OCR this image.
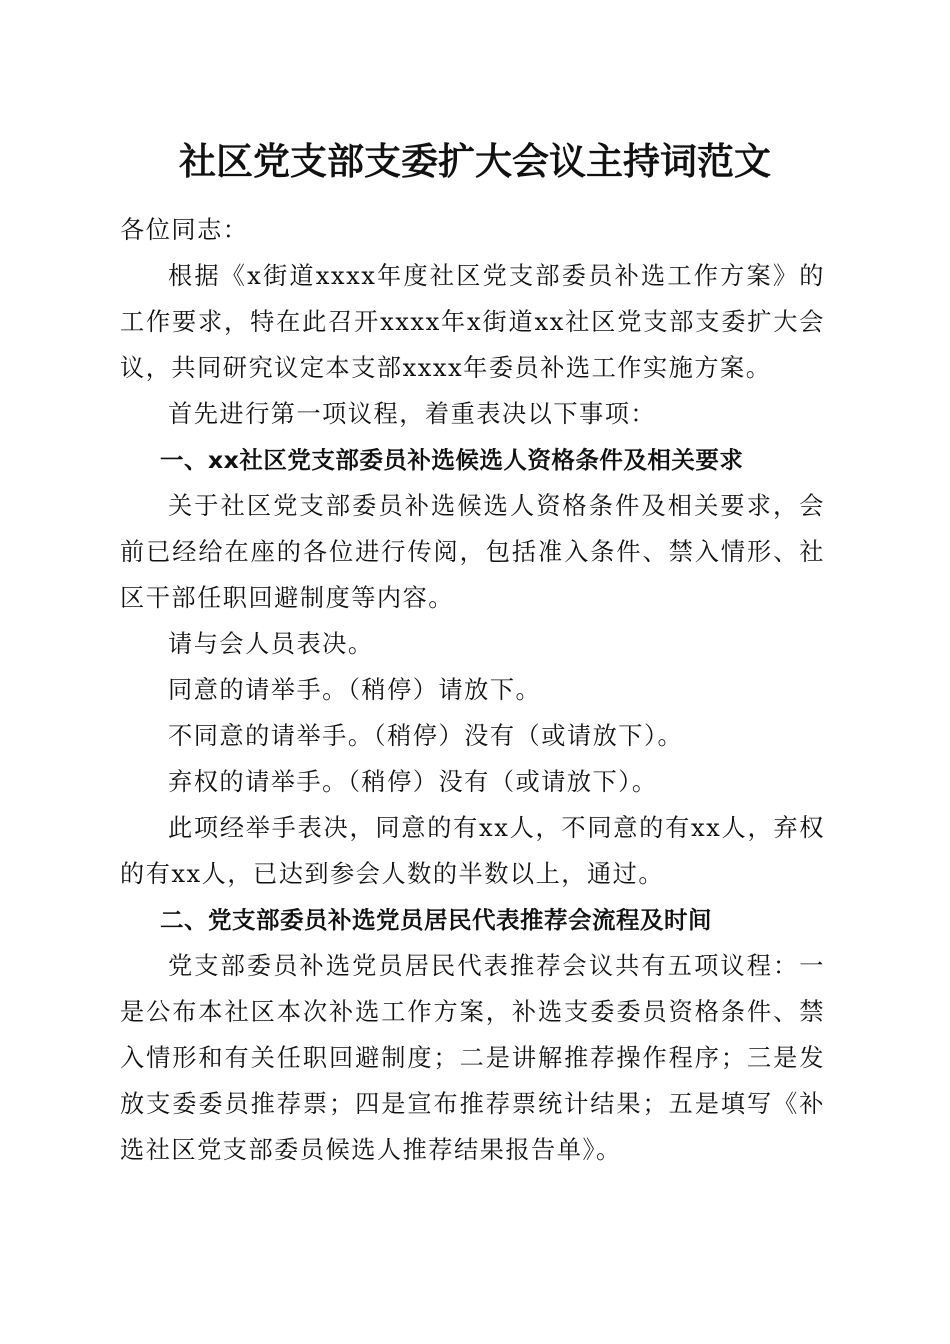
社区党支部支委扩大会议主持词范文

各位同志：

根据《x街道xxxx年度社区党支部委员补选工作方案》的工作要求，特在此召开xxxx年x街道xx社区党支部支委扩大会议，共同研究议定本支部xxxx年委员补选工作实施方案。

首先进行第一项议程，着重表决以下事项：

一、xx社区党支部委员补选候选人资格条件及相关要求

关于社区党支部委员补选候选人资格条件及相关要求，会前已经给在座的各位进行传阅，包括准入条件、禁入情形、社区干部任职回避制度等内容。

请与会人员表决。

同意的请举手。（稍停）请放下。

不同意的请举手。（稍停）没有（或请放下）。

弃权的请举手。（稍停）没有（或请放下）。

此项经举手表决，同意的有xx人，不同意的有xx人，弃权的有xx人，已达到参会人数的半数以上，通过。

二、党支部委员补选党员居民代表推荐会流程及时间

党支部委员补选党员居民代表推荐会议共有五项议程：一是公布本社区本次补选工作方案，补选支委委员资格条件、禁入情形和有关任职回避制度；二是讲解推荐操作程序；三是发放支委委员推荐票；四是宣布推荐票统计结果；五是填写《补选社区党支部委员候选人推荐结果报告单》。
